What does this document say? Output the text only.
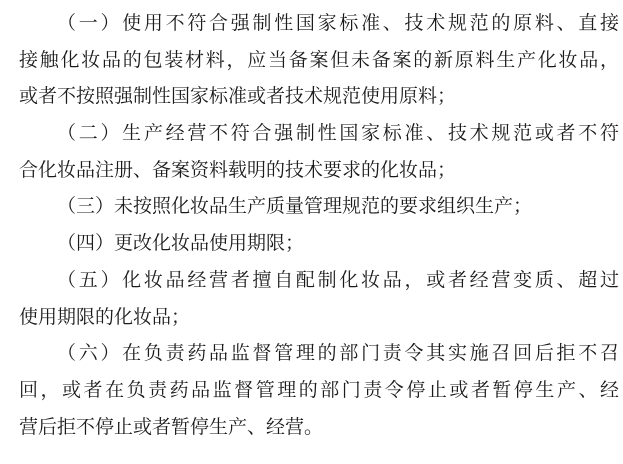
（一）使用不符合强制性国家标准、技术规范的原料、直接
接触化妆品的包装材料，应当备案但未备案的新原料生产化妆品，
或者不按照强制性国家标准或者技术规范使用原料；
（二）生产经营不符合强制性国家标准、技术规范或者不符
合化妆品注册、备案资料载明的技术要求的化妆品；
（三）未按照化妆品生产质量管理规范的要求组织生产；
（四）更改化妆品使用期限；
（五）化妆品经营者擅自配制化妆品，或者经营变质、超过
使用期限的化妆品；
（六）在负责药品监督管理的部门责令其实施召回后拒不召
回，或者在负责药品监督管理的部门责令停止或者暂停生产、经
营后拒不停止或者暂停生产、经营。
